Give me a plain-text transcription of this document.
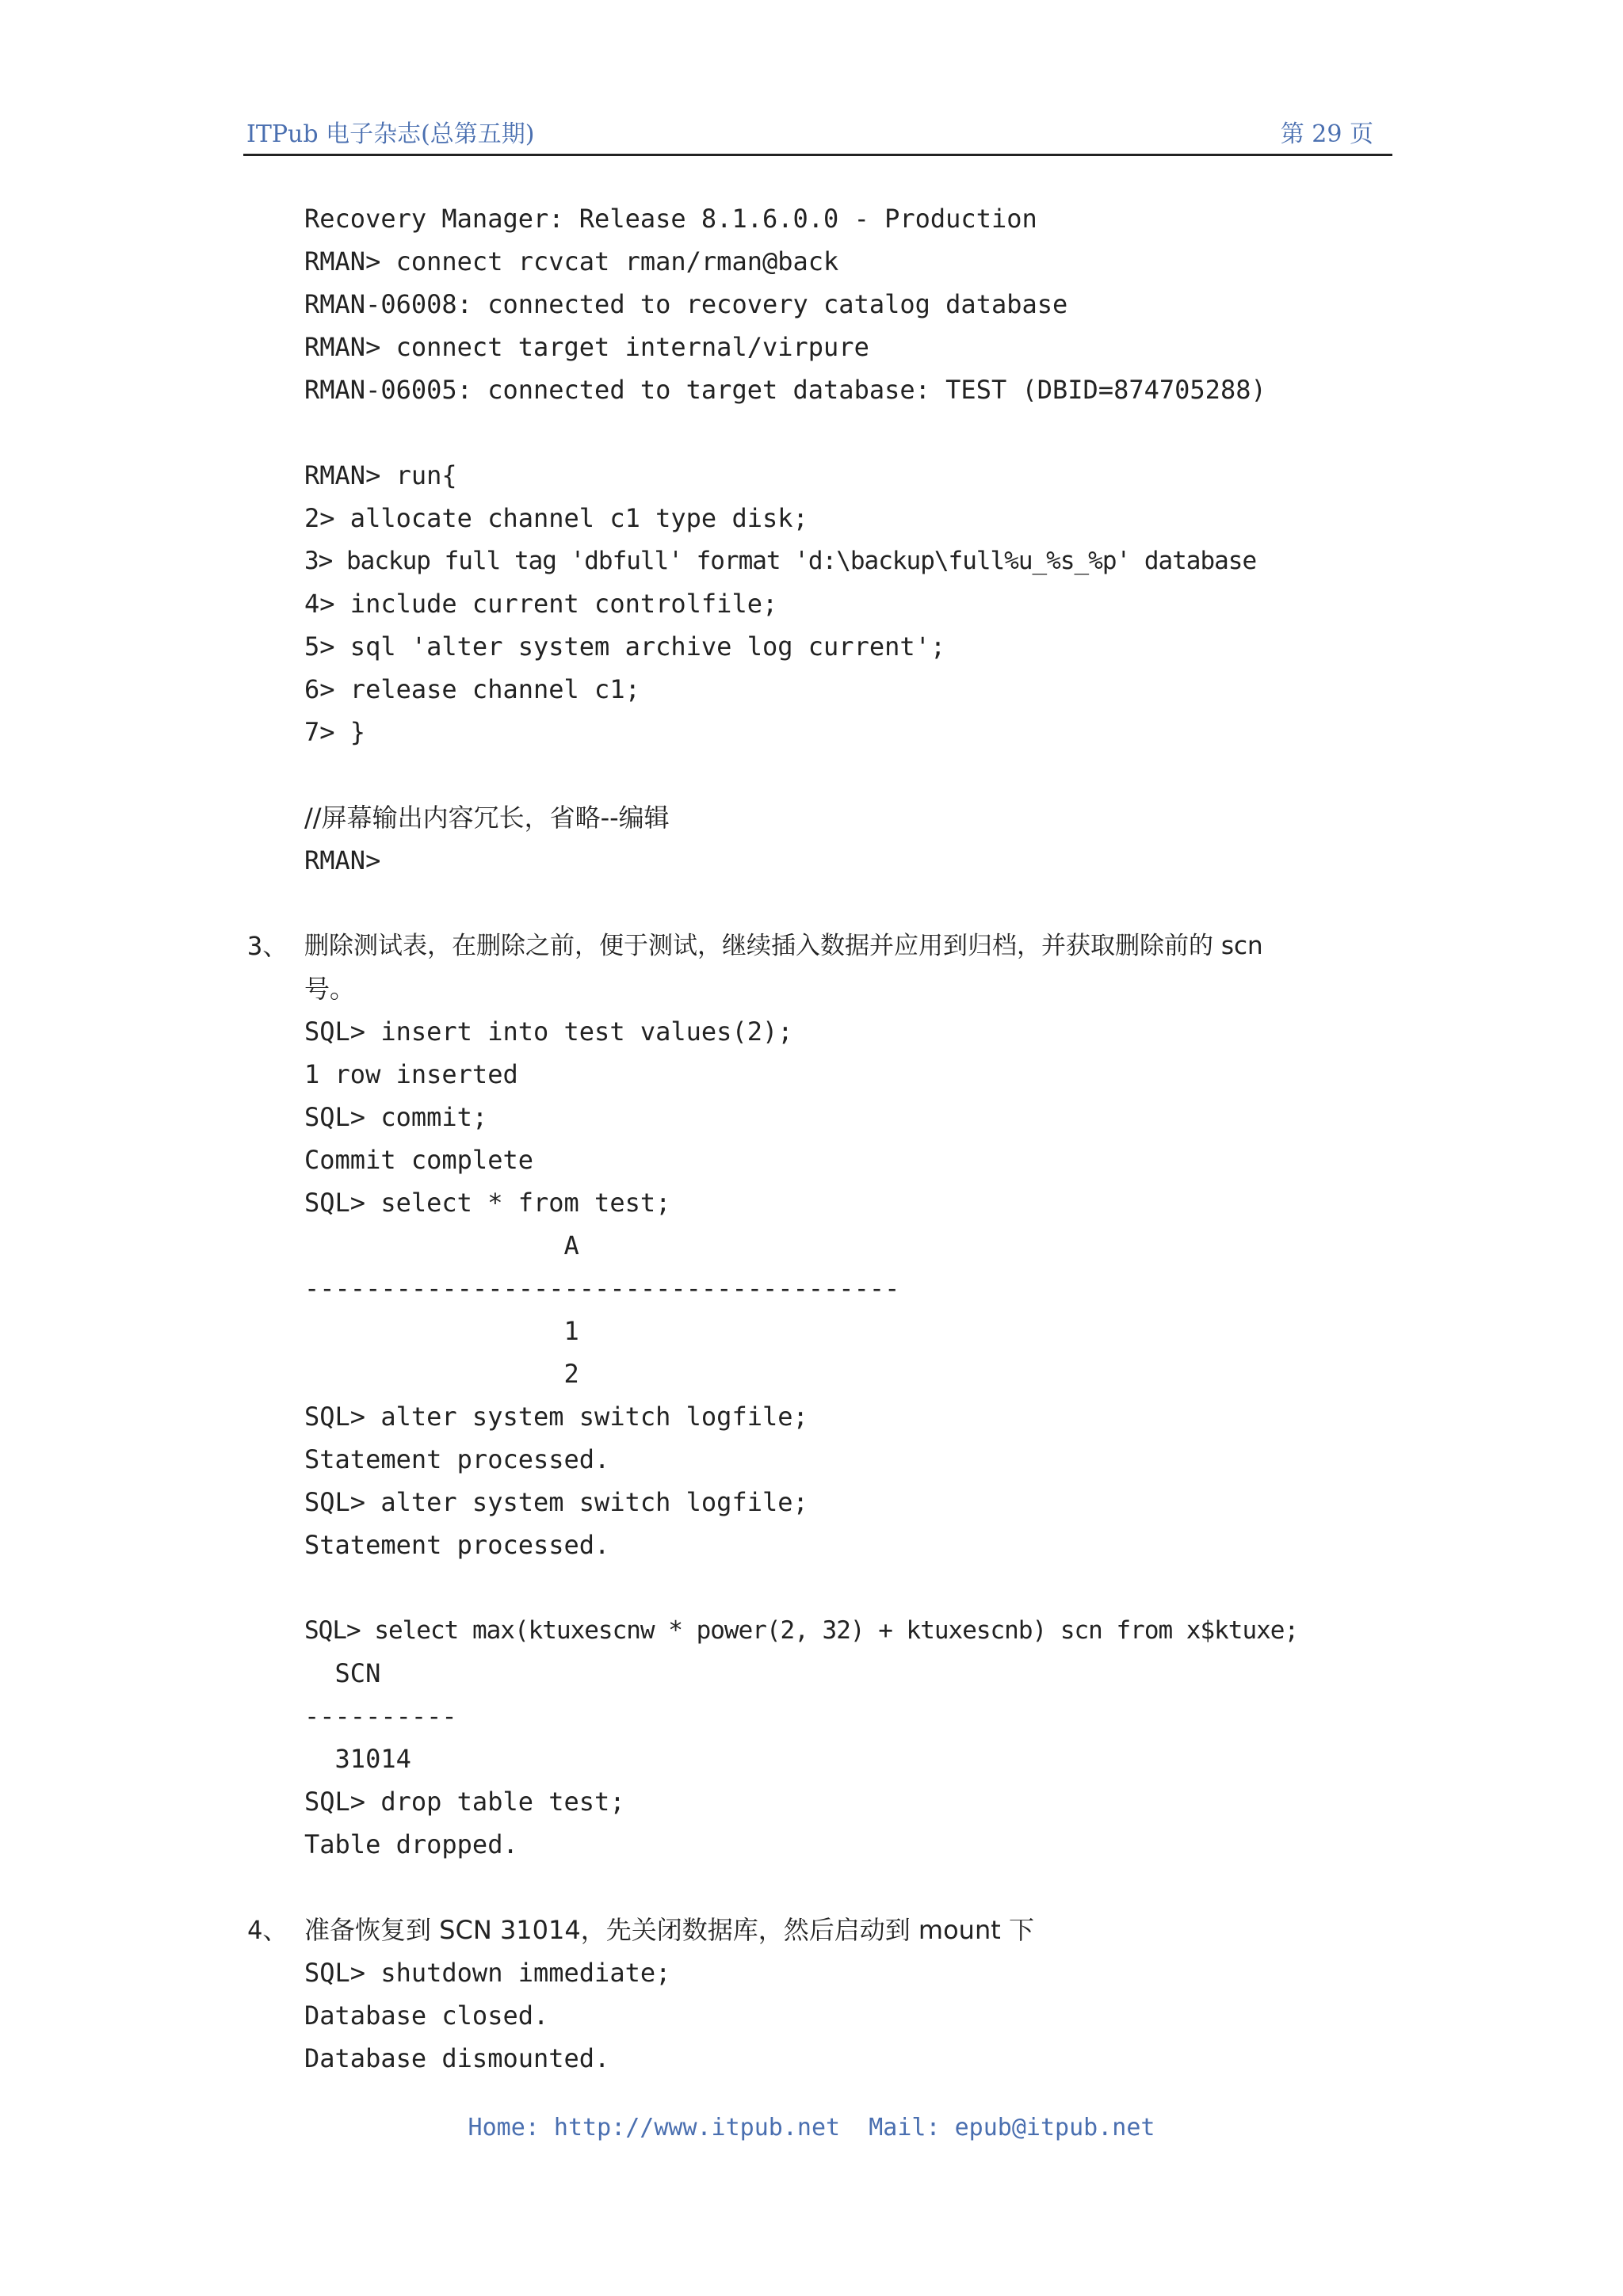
ITPub 电子杂志(总第五期)	第 29 页
Recovery Manager: Release 8.1.6.0.0 - Production
RMAN> connect rcvcat rman/rman@back
RMAN-06008: connected to recovery catalog database
RMAN> connect target internal/virpure
RMAN-06005: connected to target database: TEST (DBID=874705288)
RMAN> run{
2> allocate channel c1 type disk;
3> backup full tag 'dbfull' format 'd:\backup\full%u_%s_%p' database
4> include current controlfile;
5> sql 'alter system archive log current';
6> release channel c1;
7> }
//屏幕输出内容冗长，省略--编辑
RMAN>
3、 删除测试表，在删除之前，便于测试，继续插入数据并应用到归档，并获取删除前的 scn
号。
SQL> insert into test values(2);
1 row inserted
SQL> commit;
Commit complete
SQL> select * from test;
A
---------------------------------------
1
2
SQL> alter system switch logfile;
Statement processed.
SQL> alter system switch logfile;
Statement processed.
SQL> select max(ktuxescnw * power(2, 32) + ktuxescnb) scn from x$ktuxe;
SCN
----------
31014
SQL> drop table test;
Table dropped.
4、 准备恢复到 SCN 31014，先关闭数据库，然后启动到 mount 下
SQL> shutdown immediate;
Database closed.
Database dismounted.
Home: http://www.itpub.net  Mail: epub@itpub.net
